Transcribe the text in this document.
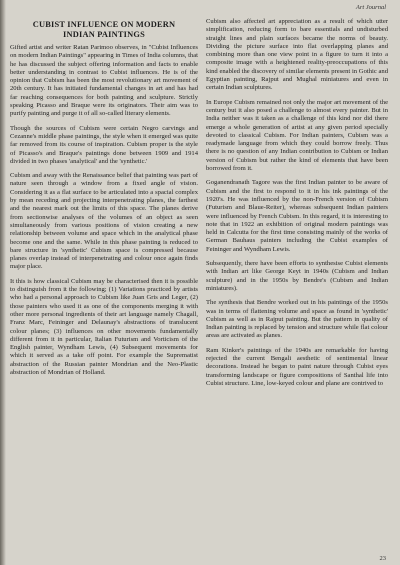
Art Journal
CUBIST INFLUENCE ON MODERN
INDIAN PAINTINGS

Gifted artist and writer Ratan Parimoo observes, in "Cubist Influences on modern Indian Paintings" appearing in Times of India columns, that he has discussed the subject offering information and facts to enable better understanding in contrast to Cubist influences. He is of the opinion that Cubism has been the most revolutionary art movement of 20th century. It has initiated fundamental changes in art and has had far reaching consequences for both painting and sculpture. Strictly speaking Picasso and Braque were its originators. Their aim was to purify painting and purge it of all so-called literary elements.

Though the sources of Cubism were certain Negro carvings and Cezanne's middle phase paintings, the style when it emerged was quite far removed from its course of inspiration. Cubism proper is the style of Picasso's and Braque's paintings done between 1909 and 1914 divided in two phases 'analytical' and the 'synthetic.'

Cubism and away with the Renaissance belief that painting was part of nature seen through a window from a fixed angle of vision. Considering it as a flat surface to be articulated into a spacial complex by mean receding and projecting interpenetrating planes, the farthest and the nearest mark out the limits of this space. The planes derive from sectionwise analyses of the volumes of an object as seen simultaneously from various positions of vision creating a new relationship between volume and space which in the analytical phase become one and the same. While in this phase painting is reduced to bare structure in 'synthetic' Cubism space is compressed because planes overlap instead of interpenetrating and colour once again finds major place.

It this is how classical Cubism may be characterised then it is possible to distinguish from it the following; (1) Variations practiced by artists who had a personal approach to Cubism like Juan Gris and Leger, (2) those painters who used it as one of the components merging it with other more personal ingredients of their art language namely Chagall, Franz Marc, Feininger and Delaunay's abstractions of translucent colour planes; (3) influences on other movements fundamentally different from it in particular, Italian Futurism and Vorticism of the English painter, Wyndham Lewis, (4) Subsequent movements for which it served as a take off point. For example the Suprematist abstraction of the Russian painter Mondrian and the Neo-Plastic abstraction of Mondrian of Holland.

Cubism also affected art appreciation as a result of which utter simplification, reducing form to bare essentials and undisturbed straight lines and plain surfaces became the norms of beauty. Dividing the picture surface into flat overlapping planes and combining more than one view point in a figure to turn it into a composite image with a heightened reality-preoccupations of this kind enabled the discovery of similar elements present in Gothic and Egyptian painting, Rajput and Mughal miniatures and even in certain Indian sculptures.

In Europe Cubism remained not only the major art movement of the century but it also posed a challenge to almost every painter. But in India neither was it taken as a challenge of this kind nor did there emerge a whole generation of artist at any given period specially devoted to classical Cubism. For Indian painters, Cubism was a readymade language from which they could borrow freely. Thus there is no question of any Indian contribution to Cubism or Indian version of Cubism but rather the kind of elements that have been borrowed from it.

Goganendranath Tagore was the first Indian painter to be aware of Cubism and the first to respond to it in his ink paintings of the 1920's. He was influenced by the non-French version of Cubism (Futurism and Blaue-Reiter), whereas subsequent Indian painters were influenced by French Cubism. In this regard, it is interesting to note that in 1922 an exhibition of original modern paintings was held in Calcutta for the first time consisting mainly of the works of German Bauhaus painters including the Cubist examples of Feininger and Wyndham Lewis.

Subsequently, there have been efforts to synthesise Cubist elements with Indian art like George Keyt in 1940s (Cubism and Indian sculpture) and in the 1950s by Bendre's (Cubism and Indian miniatures).

The synthesis that Bendre worked out in his paintings of the 1950s was in terms of flattening volume and space as found in 'synthetic' Cubism as well as in Rajput painting. But the pattern in quality of Indian painting is replaced by tension and structure while flat colour areas are activated as planes.

Ram Kinker's paintings of the 1940s are remarkable for having rejected the current Bengali aesthetic of sentimental linear decorations. Instead he began to paint nature through Cubist eyes transforming landscape or figure compositions of Santhal life into Cubist structure. Line, low-keyed colour and plane are contrived to

23
